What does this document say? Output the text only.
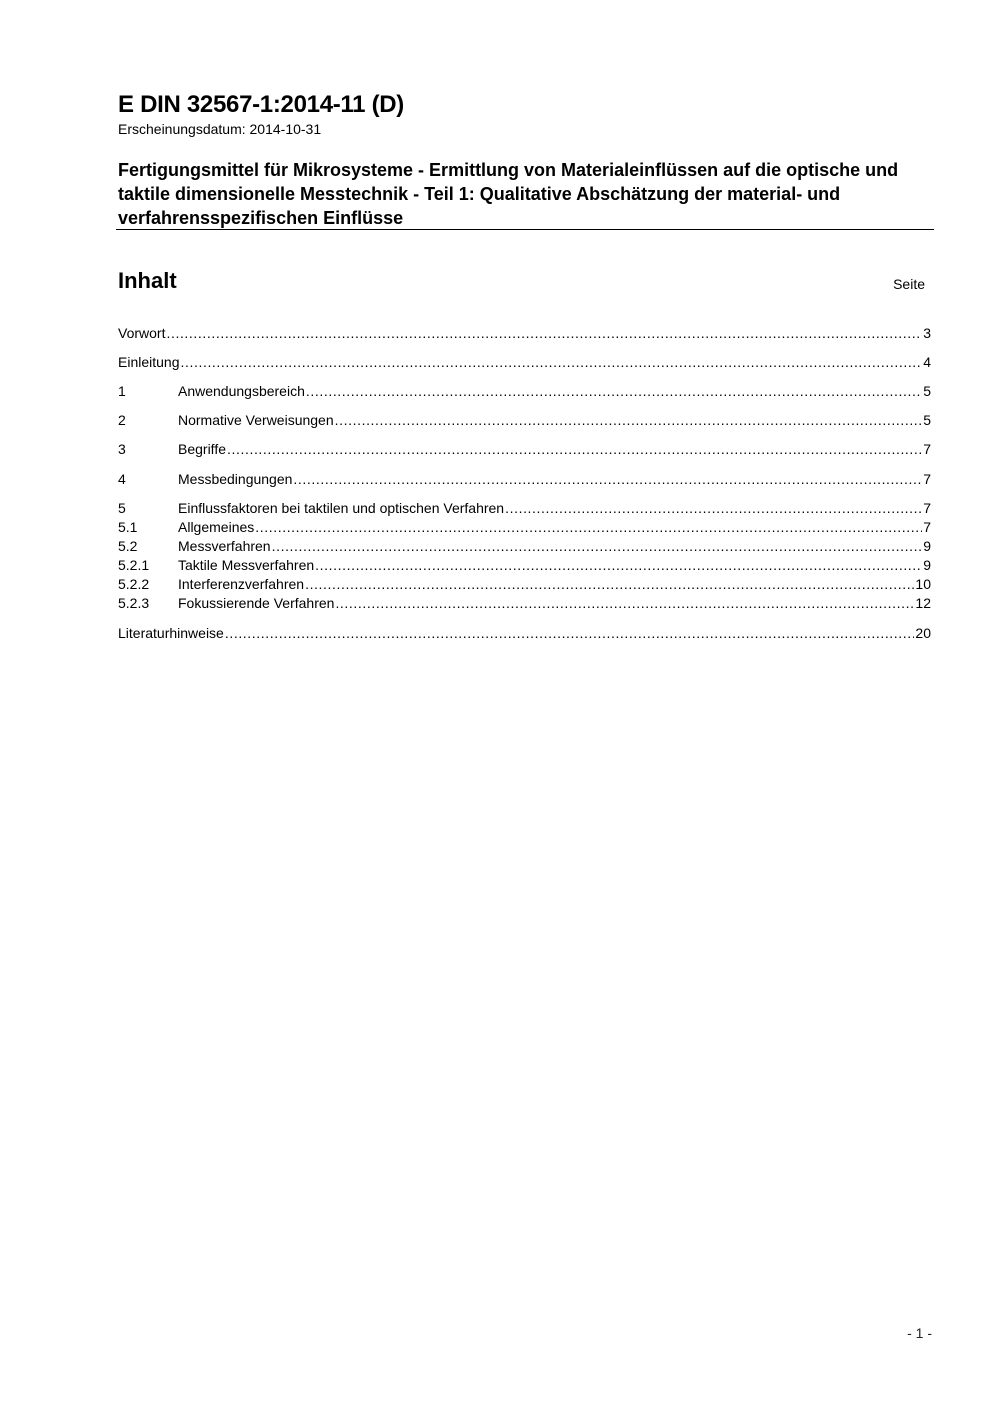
E DIN 32567-1:2014-11 (D)

Erscheinungsdatum: 2014-10-31

Fertigungsmittel für Mikrosysteme - Ermittlung von Materialeinflüssen auf die optische und taktile dimensionelle Messtechnik - Teil 1: Qualitative Abschätzung der material- und verfahrensspezifischen Einflüsse
Inhalt	Seite
Vorwort .....	3
Einleitung .....	4
1	Anwendungsbereich .....	5
2	Normative Verweisungen .....	5
3	Begriffe .....	7
4	Messbedingungen .....	7
5	Einflussfaktoren bei taktilen und optischen Verfahren .....	7
5.1	Allgemeines .....	7
5.2	Messverfahren .....	9
5.2.1	Taktile Messverfahren .....	9
5.2.2	Interferenzverfahren .....	10
5.2.3	Fokussierende Verfahren .....	12
Literaturhinweise .....	20
- 1 -
